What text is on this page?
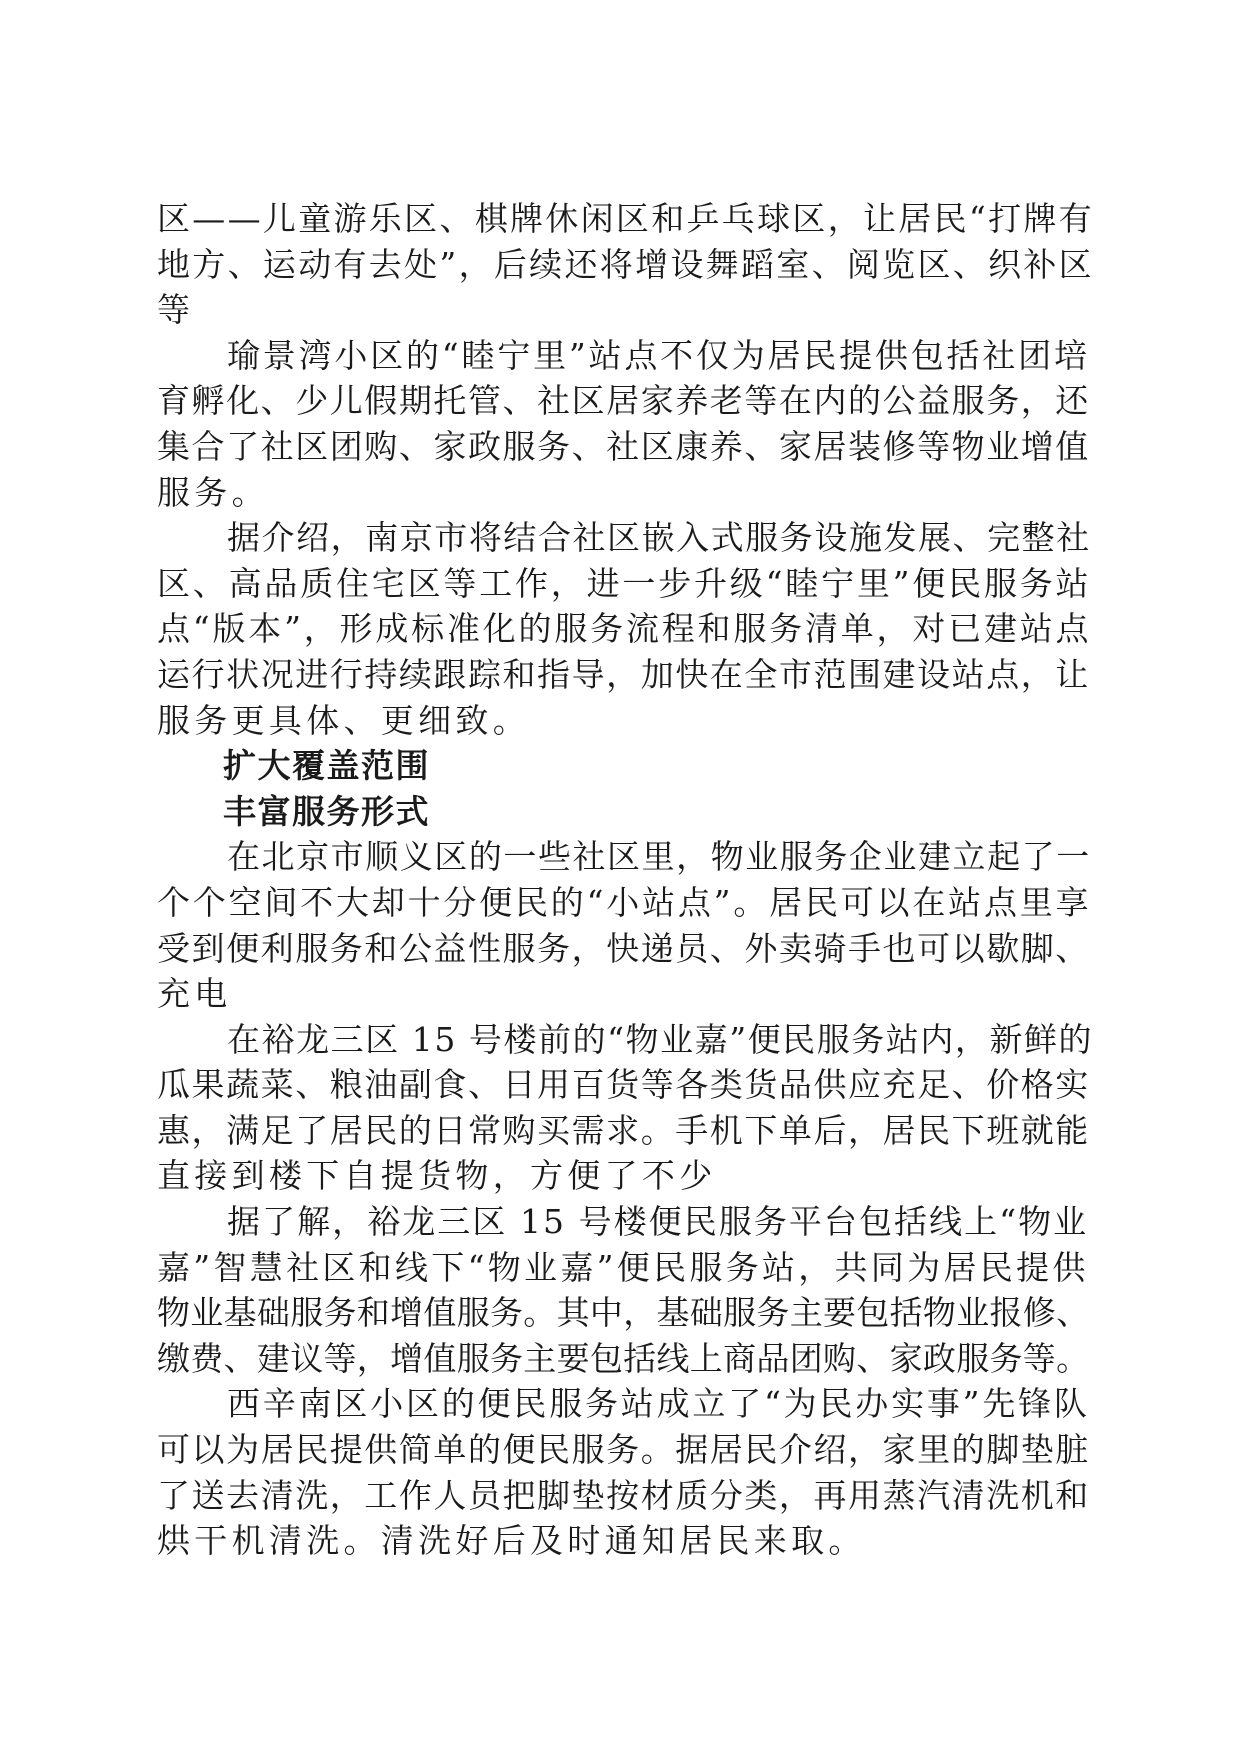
区——儿童游乐区、棋牌休闲区和乒乓球区，让居民“打牌有
地方、运动有去处”，后续还将增设舞蹈室、阅览区、织补区
等

瑜景湾小区的“睦宁里”站点不仅为居民提供包括社团培
育孵化、少儿假期托管、社区居家养老等在内的公益服务，还
集合了社区团购、家政服务、社区康养、家居装修等物业增值
服务。

据介绍，南京市将结合社区嵌入式服务设施发展、完整社
区、高品质住宅区等工作，进一步升级“睦宁里”便民服务站
点“版本”，形成标准化的服务流程和服务清单，对已建站点
运行状况进行持续跟踪和指导，加快在全市范围建设站点，让
服务更具体、更细致。

扩大覆盖范围

丰富服务形式

在北京市顺义区的一些社区里，物业服务企业建立起了一
个个空间不大却十分便民的“小站点”。居民可以在站点里享
受到便利服务和公益性服务，快递员、外卖骑手也可以歇脚、
充电

在裕龙三区 15 号楼前的“物业嘉”便民服务站内，新鲜的
瓜果蔬菜、粮油副食、日用百货等各类货品供应充足、价格实
惠，满足了居民的日常购买需求。手机下单后，居民下班就能
直接到楼下自提货物，方便了不少

据了解，裕龙三区 15 号楼便民服务平台包括线上“物业
嘉”智慧社区和线下“物业嘉”便民服务站，共同为居民提供
物业基础服务和增值服务。其中，基础服务主要包括物业报修、
缴费、建议等，增值服务主要包括线上商品团购、家政服务等。

西辛南区小区的便民服务站成立了“为民办实事”先锋队
可以为居民提供简单的便民服务。据居民介绍，家里的脚垫脏
了送去清洗，工作人员把脚垫按材质分类，再用蒸汽清洗机和
烘干机清洗。清洗好后及时通知居民来取。
